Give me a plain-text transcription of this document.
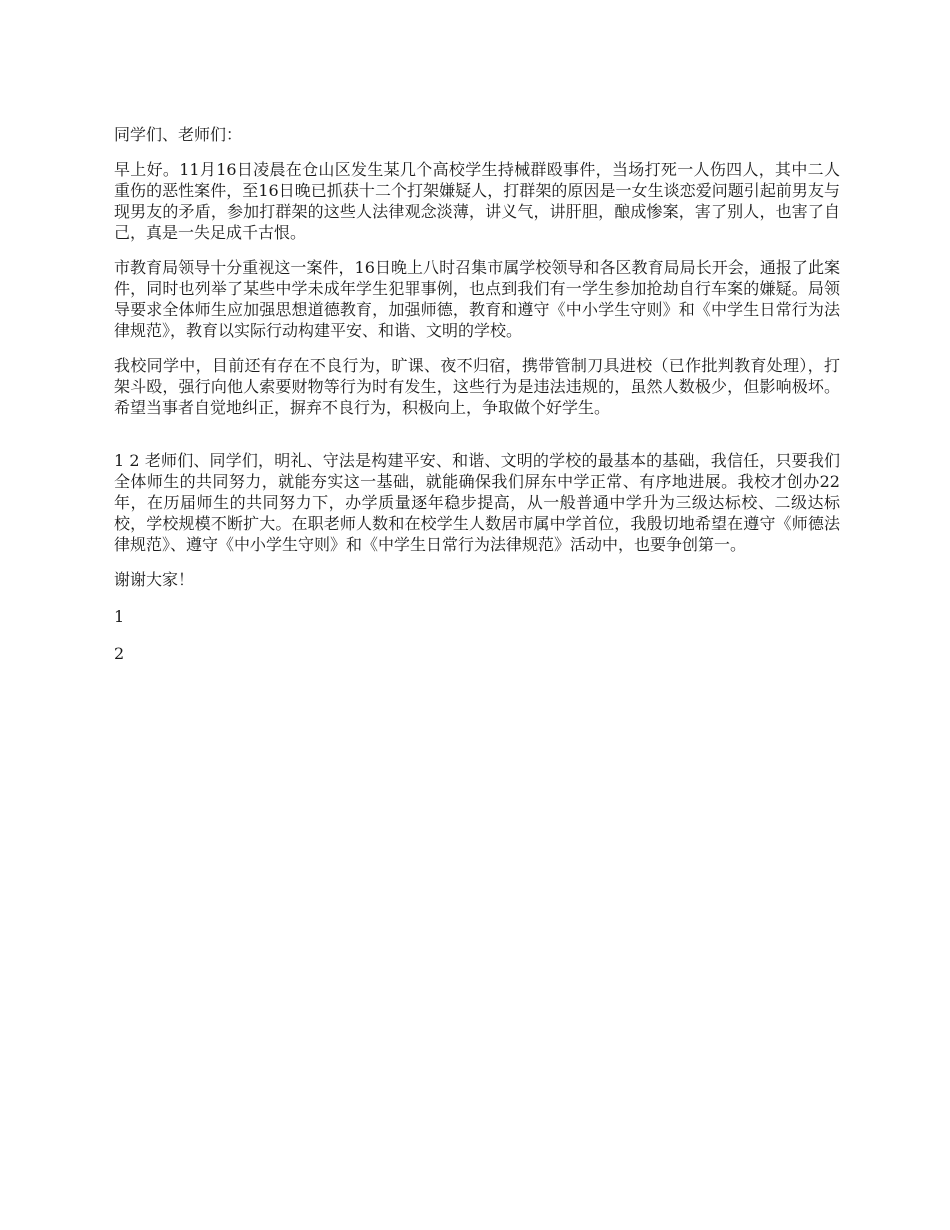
同学们、老师们：

早上好。11月16日凌晨在仓山区发生某几个高校学生持械群殴事件，当场打死一人伤四人，其中二人重伤的恶性案件，至16日晚已抓获十二个打架嫌疑人，打群架的原因是一女生谈恋爱问题引起前男友与现男友的矛盾，参加打群架的这些人法律观念淡薄，讲义气，讲肝胆，酿成惨案，害了别人，也害了自己，真是一失足成千古恨。

市教育局领导十分重视这一案件，16日晚上八时召集市属学校领导和各区教育局局长开会，通报了此案件，同时也列举了某些中学未成年学生犯罪事例，也点到我们有一学生参加抢劫自行车案的嫌疑。局领导要求全体师生应加强思想道德教育，加强师德，教育和遵守《中小学生守则》和《中学生日常行为法律规范》，教育以实际行动构建平安、和谐、文明的学校。

我校同学中，目前还有存在不良行为，旷课、夜不归宿，携带管制刀具进校（已作批判教育处理），打架斗殴，强行向他人索要财物等行为时有发生，这些行为是违法违规的，虽然人数极少，但影响极坏。希望当事者自觉地纠正，摒弃不良行为，积极向上，争取做个好学生。

1 2 老师们、同学们，明礼、守法是构建平安、和谐、文明的学校的最基本的基础，我信任，只要我们全体师生的共同努力，就能夯实这一基础，就能确保我们屏东中学正常、有序地进展。我校才创办22年，在历届师生的共同努力下，办学质量逐年稳步提高，从一般普通中学升为三级达标校、二级达标校，学校规模不断扩大。在职老师人数和在校学生人数居市属中学首位，我殷切地希望在遵守《师德法律规范》、遵守《中小学生守则》和《中学生日常行为法律规范》活动中，也要争创第一。

谢谢大家！

1

2
